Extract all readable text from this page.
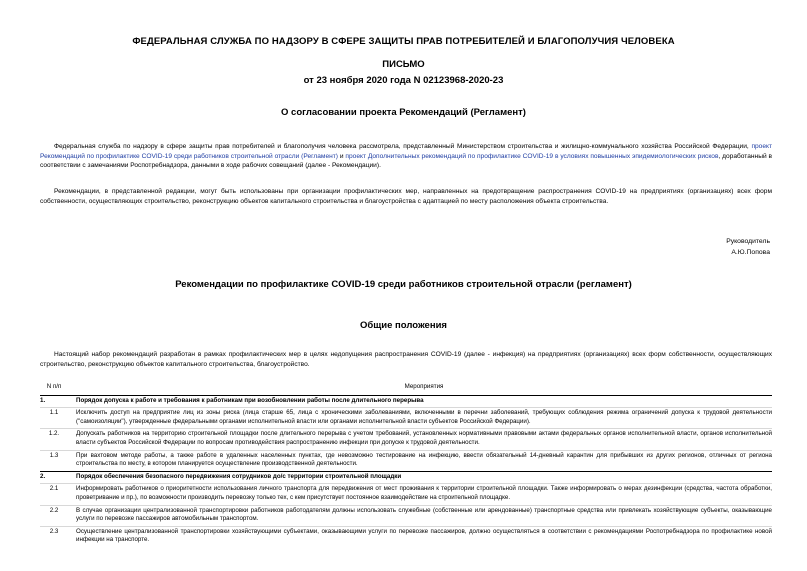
ФЕДЕРАЛЬНАЯ СЛУЖБА ПО НАДЗОРУ В СФЕРЕ ЗАЩИТЫ ПРАВ ПОТРЕБИТЕЛЕЙ И БЛАГОПОЛУЧИЯ ЧЕЛОВЕКА
ПИСЬМО
от 23 ноября 2020 года N 02123968-2020-23
О согласовании проекта Рекомендаций (Регламент)
Федеральная служба по надзору в сфере защиты прав потребителей и благополучия человека рассмотрела, представленный Министерством строительства и жилищно-коммунального хозяйства Российской Федерации, проект Рекомендаций по профилактике COVID-19 среди работников строительной отрасли (Регламент) и проект Дополнительных рекомендаций по профилактике COVID-19 в условиях повышенных эпидемиологических рисков, доработанный в соответствии с замечаниями Роспотребнадзора, данными в ходе рабочих совещаний (далее - Рекомендации).
Рекомендации, в представленной редакции, могут быть использованы при организации профилактических мер, направленных на предотвращение распространения COVID-19 на предприятиях (организациях) всех форм собственности, осуществляющих строительство, реконструкцию объектов капитального строительства и благоустройства с адаптацией по месту расположения объекта строительства.
Руководитель
А.Ю.Попова
Рекомендации по профилактике COVID-19 среди работников строительной отрасли (регламент)
Общие положения
Настоящий набор рекомендаций разработан в рамках профилактических мер в целях недопущения распространения COVID-19 (далее - инфекция) на предприятиях (организациях) всех форм собственности, осуществляющих строительство, реконструкцию объектов капитального строительства, благоустройство.
N п/п	Мероприятия
1.	Порядок допуска к работе и требования к работникам при возобновлении работы после длительного перерыва
1.1	Исключить доступ на предприятие лиц из зоны риска (лица старше 65, лица с хроническими заболеваниями, включенными в перечни заболеваний, требующих соблюдения режима ограничений допуска к трудовой деятельности ("самоизоляции"), утвержденные федеральными органами исполнительной власти или органами исполнительной власти субъектов Российской Федерации).
1.2.	Допускать работников на территорию строительной площадки после длительного перерыва с учетом требований, установленных нормативными правовыми актами федеральных органов исполнительной власти, органов исполнительной власти субъектов Российской Федерации по вопросам противодействия распространению инфекции при допуске к трудовой деятельности.
1.3	При вахтовом методе работы, а также работе в удаленных населенных пунктах, где невозможно тестирование на инфекцию, ввести обязательный 14-дневный карантин для прибывших из других регионов, отличных от региона строительства по месту, в котором планируется осуществление производственной деятельности.
2.	Порядок обеспечения безопасного передвижения сотрудников до/с территории строительной площадки
2.1	Информировать работников о приоритетности использования личного транспорта для передвижения от мест проживания к территории строительной площадки. Также информировать о мерах дезинфекции (средства, частота обработки, проветривание и пр.), по возможности производить перевозку только тех, с кем присутствует постоянное взаимодействие на строительной площадке.
2.2	В случае организации централизованной транспортировки работников работодателям должны использовать служебные (собственные или арендованные) транспортные средства или привлекать хозяйствующие субъекты, оказывающие услуги по перевозке пассажиров автомобильным транспортом.
2.3	Осуществление централизованной транспортировки хозяйствующими субъектами, оказывающими услуги по перевозке пассажиров, должно осуществляться в соответствии с рекомендациями Роспотребнадзора по профилактике новой инфекции на транспорте.
